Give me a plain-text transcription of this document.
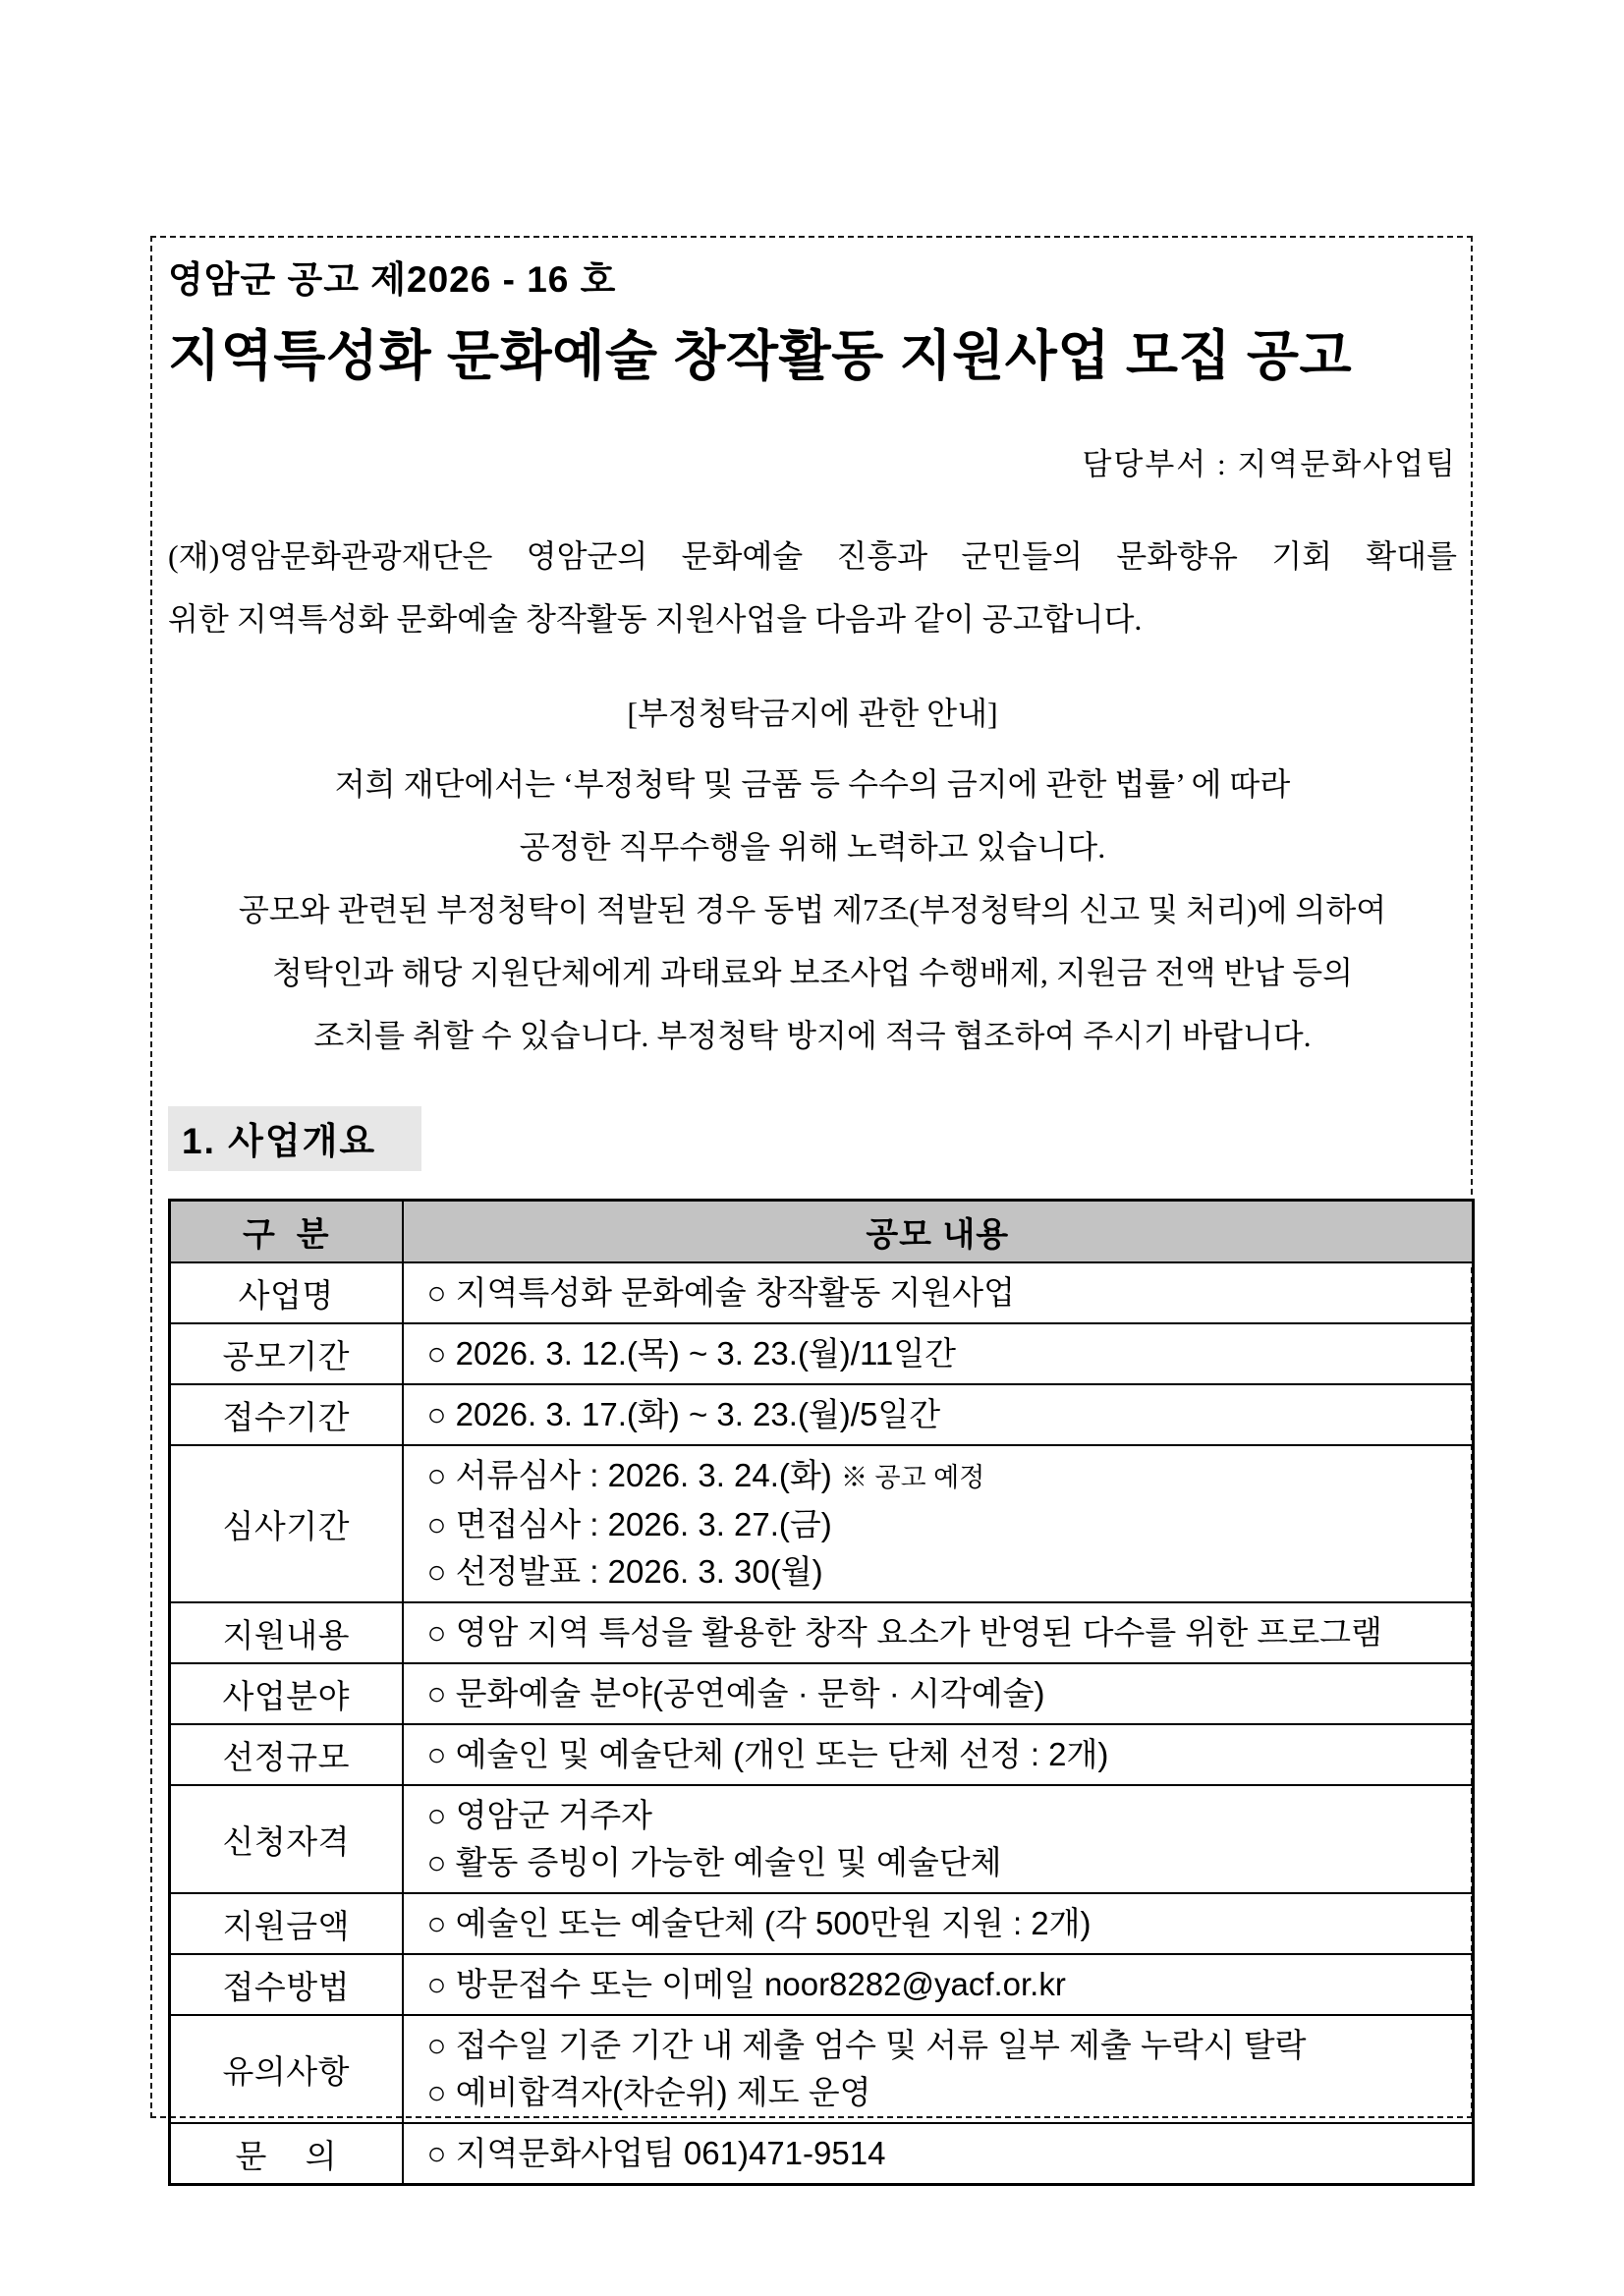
영암군 공고 제2026 - 16 호
지역특성화 문화예술 창작활동 지원사업 모집 공고
담당부서 : 지역문화사업팀
(재)영암문화관광재단은 영암군의 문화예술 진흥과 군민들의 문화향유 기회 확대를
위한 지역특성화 문화예술 창작활동 지원사업을 다음과 같이 공고합니다.
[부정청탁금지에 관한 안내]
저희 재단에서는 ‘부정청탁 및 금품 등 수수의 금지에 관한 법률’ 에 따라
공정한 직무수행을 위해 노력하고 있습니다.
공모와 관련된 부정청탁이 적발된 경우 동법 제7조(부정청탁의 신고 및 처리)에 의하여
청탁인과 해당 지원단체에게 과태료와 보조사업 수행배제, 지원금 전액 반납 등의
조치를 취할 수 있습니다. 부정청탁 방지에 적극 협조하여 주시기 바랍니다.
1. 사업개요
구  분	공모 내용
사업명	○ 지역특성화 문화예술 창작활동 지원사업

공모기간	○ 2026. 3. 12.(목) ~ 3. 23.(월)/11일간

접수기간	○ 2026. 3. 17.(화) ~ 3. 23.(월)/5일간

심사기간	○ 서류심사 : 2026. 3. 24.(화) ※ 공고 예정
○ 면접심사 : 2026. 3. 27.(금)
○ 선정발표 : 2026. 3. 30(월)

지원내용	○ 영암 지역 특성을 활용한 창작 요소가 반영된 다수를 위한 프로그램

사업분야	○ 문화예술 분야(공연예술 · 문학 · 시각예술)

선정규모	○ 예술인 및 예술단체 (개인 또는 단체 선정 : 2개)

신청자격	○ 영암군 거주자
○ 활동 증빙이 가능한 예술인 및 예술단체

지원금액	○ 예술인 또는 예술단체 (각 500만원 지원 : 2개)

접수방법	○ 방문접수 또는 이메일 noor8282@yacf.or.kr

유의사항	○ 접수일 기준 기간 내 제출 엄수 및 서류 일부 제출 누락시 탈락
○ 예비합격자(차순위) 제도 운영

문    의	○ 지역문화사업팀 061)471-9514
